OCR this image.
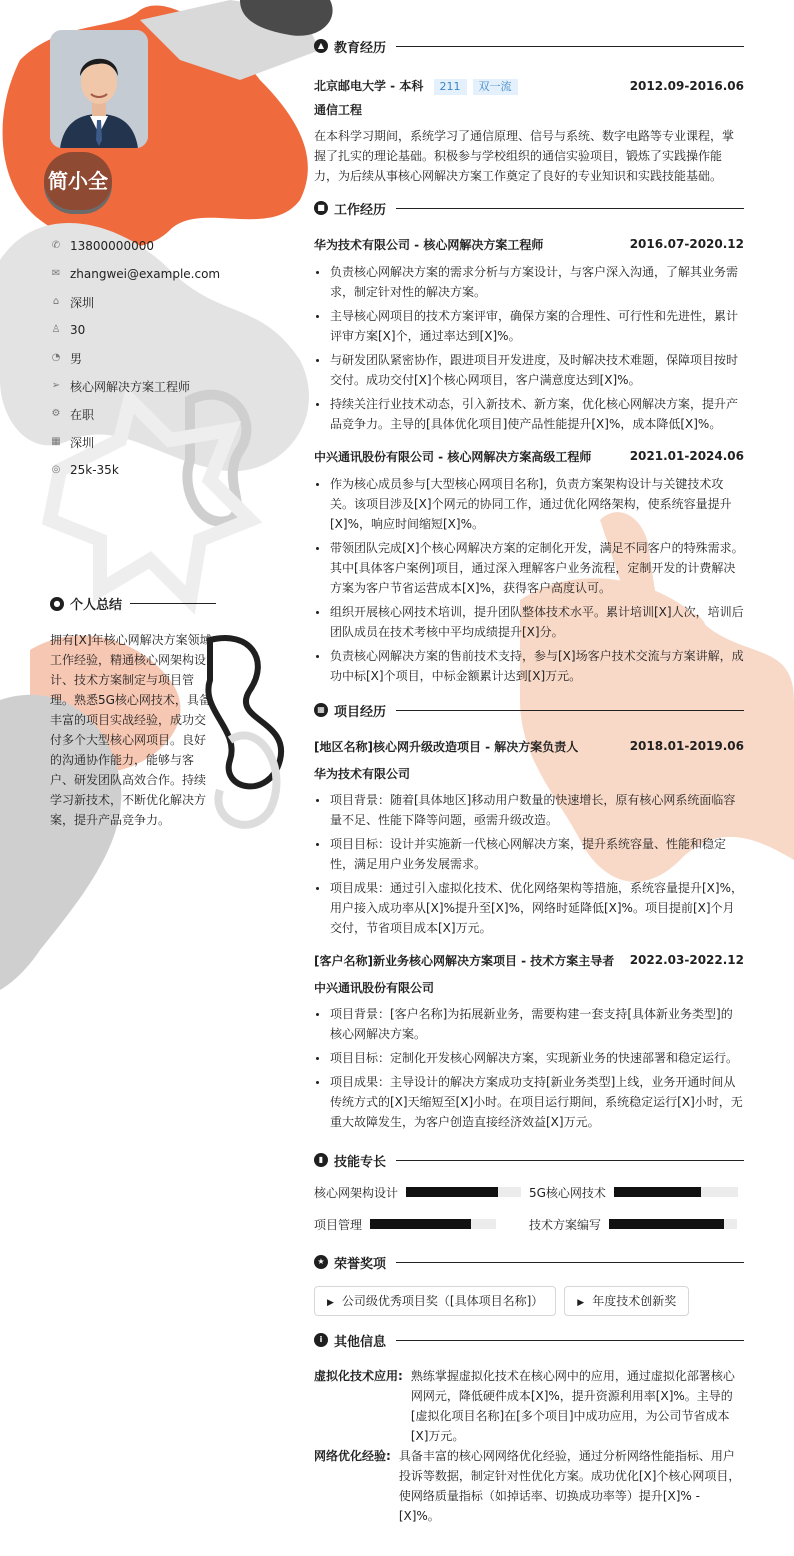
简小全
✆ 13800000000
✉ zhangwei@example.com
⌂ 深圳
♙ 30
◔ 男
➢ 核心网解决方案工程师
⚙ 在职
▦ 深圳
◎ 25k-35k
● 个人总结
拥有[X]年核心网解决方案领域工作经验，精通核心网架构设计、技术方案制定与项目管理。熟悉5G核心网技术，具备丰富的项目实战经验，成功交付多个大型核心网项目。良好的沟通协作能力，能够与客户、研发团队高效合作。持续学习新技术，不断优化解决方案，提升产品竞争力。
▲ 教育经历
北京邮电大学 - 本科 211 双一流	2012.09-2016.06
通信工程
在本科学习期间，系统学习了通信原理、信号与系统、数字电路等专业课程，掌握了扎实的理论基础。积极参与学校组织的通信实验项目，锻炼了实践操作能力，为后续从事核心网解决方案工作奠定了良好的专业知识和实践技能基础。
■ 工作经历
华为技术有限公司 - 核心网解决方案工程师	2016.07-2020.12
负责核心网解决方案的需求分析与方案设计，与客户深入沟通，了解其业务需求，制定针对性的解决方案。
主导核心网项目的技术方案评审，确保方案的合理性、可行性和先进性，累计评审方案[X]个，通过率达到[X]%。
与研发团队紧密协作，跟进项目开发进度，及时解决技术难题，保障项目按时交付。成功交付[X]个核心网项目，客户满意度达到[X]%。
持续关注行业技术动态，引入新技术、新方案，优化核心网解决方案，提升产品竞争力。主导的[具体优化项目]使产品性能提升[X]%，成本降低[X]%。
中兴通讯股份有限公司 - 核心网解决方案高级工程师	2021.01-2024.06
作为核心成员参与[大型核心网项目名称]，负责方案架构设计与关键技术攻关。该项目涉及[X]个网元的协同工作，通过优化网络架构，使系统容量提升[X]%，响应时间缩短[X]%。
带领团队完成[X]个核心网解决方案的定制化开发，满足不同客户的特殊需求。其中[具体客户案例]项目，通过深入理解客户业务流程，定制开发的计费解决方案为客户节省运营成本[X]%，获得客户高度认可。
组织开展核心网技术培训，提升团队整体技术水平。累计培训[X]人次，培训后团队成员在技术考核中平均成绩提升[X]分。
负责核心网解决方案的售前技术支持，参与[X]场客户技术交流与方案讲解，成功中标[X]个项目，中标金额累计达到[X]万元。
▦ 项目经历
[地区名称]核心网升级改造项目 - 解决方案负责人	2018.01-2019.06
华为技术有限公司
项目背景：随着[具体地区]移动用户数量的快速增长，原有核心网系统面临容量不足、性能下降等问题，亟需升级改造。
项目目标：设计并实施新一代核心网解决方案，提升系统容量、性能和稳定性，满足用户业务发展需求。
项目成果：通过引入虚拟化技术、优化网络架构等措施，系统容量提升[X]%，用户接入成功率从[X]%提升至[X]%，网络时延降低[X]%。项目提前[X]个月交付，节省项目成本[X]万元。
[客户名称]新业务核心网解决方案项目 - 技术方案主导者 2022.03-2022.12
中兴通讯股份有限公司
项目背景：[客户名称]为拓展新业务，需要构建一套支持[具体新业务类型]的核心网解决方案。
项目目标：定制化开发核心网解决方案，实现新业务的快速部署和稳定运行。
项目成果：主导设计的解决方案成功支持[新业务类型]上线，业务开通时间从传统方式的[X]天缩短至[X]小时。在项目运行期间，系统稳定运行[X]小时，无重大故障发生，为客户创造直接经济效益[X]万元。
▮ 技能专长
核心网架构设计	5G核心网技术
项目管理	技术方案编写
★ 荣誉奖项
▶ 公司级优秀项目奖（[具体项目名称]）	▶ 年度技术创新奖
i 其他信息
虚拟化技术应用: 熟练掌握虚拟化技术在核心网中的应用，通过虚拟化部署核心网网元，降低硬件成本[X]%，提升资源利用率[X]%。主导的[虚拟化项目名称]在[多个项目]中成功应用，为公司节省成本[X]万元。
网络优化经验: 具备丰富的核心网网络优化经验，通过分析网络性能指标、用户投诉等数据，制定针对性优化方案。成功优化[X]个核心网项目，使网络质量指标（如掉话率、切换成功率等）提升[X]% - [X]%。
